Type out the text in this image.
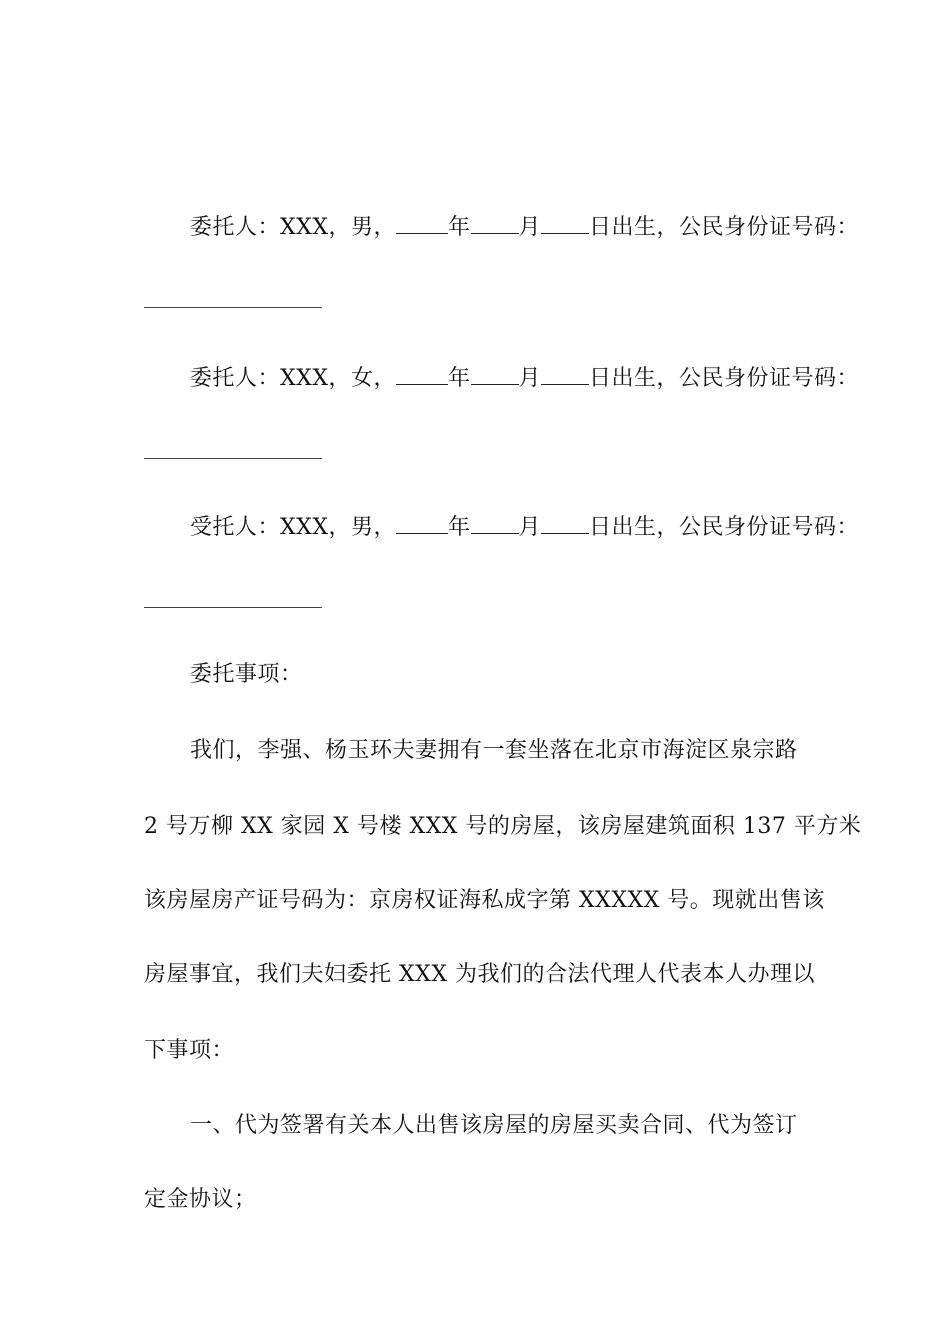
委托人：XXX，男， 年 月 日出生，公民身份证号码：
委托人：XXX，女， 年 月 日出生，公民身份证号码：
受托人：XXX，男， 年 月 日出生，公民身份证号码：
委托事项：
我们，李强、杨玉环夫妻拥有一套坐落在北京市海淀区泉宗路
2 号万柳 XX 家园 X 号楼 XXX 号的房屋，该房屋建筑面积 137 平方米
该房屋房产证号码为：京房权证海私成字第 XXXXX 号。现就出售该
房屋事宜，我们夫妇委托 XXX 为我们的合法代理人代表本人办理以
下事项：
一、代为签署有关本人出售该房屋的房屋买卖合同、代为签订
定金协议；
